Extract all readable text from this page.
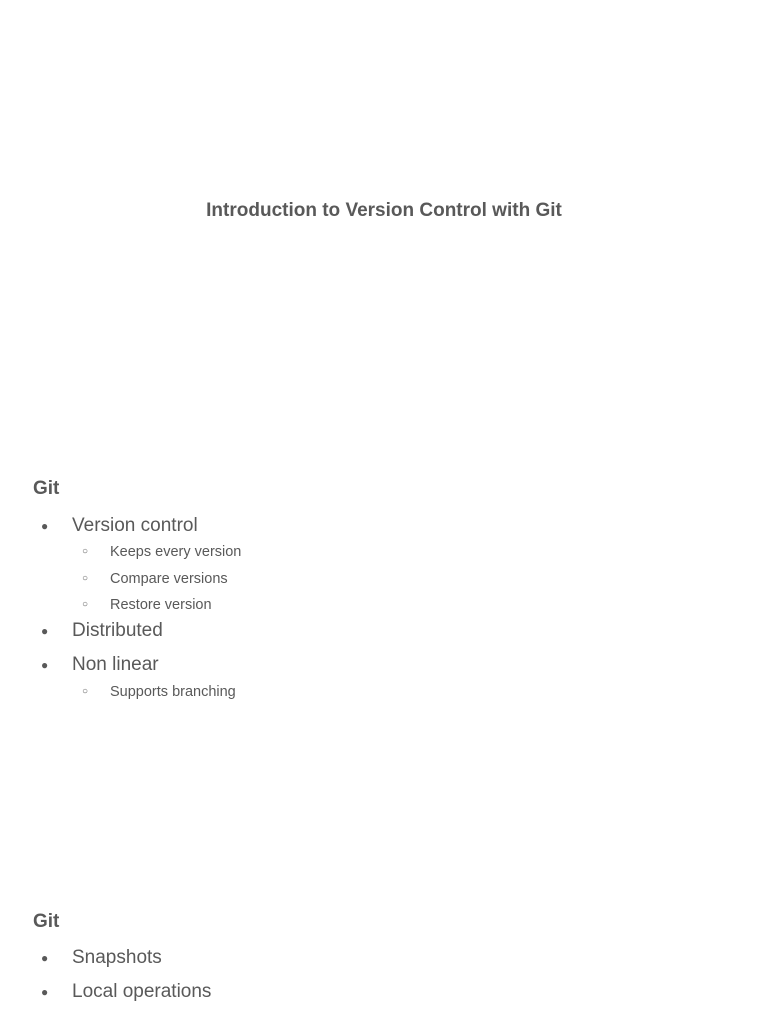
Introduction to Version Control with Git
Git
● Version control
○ Keeps every version
○ Compare versions
○ Restore version
● Distributed
● Non linear
○ Supports branching
Git
● Snapshots
● Local operations
